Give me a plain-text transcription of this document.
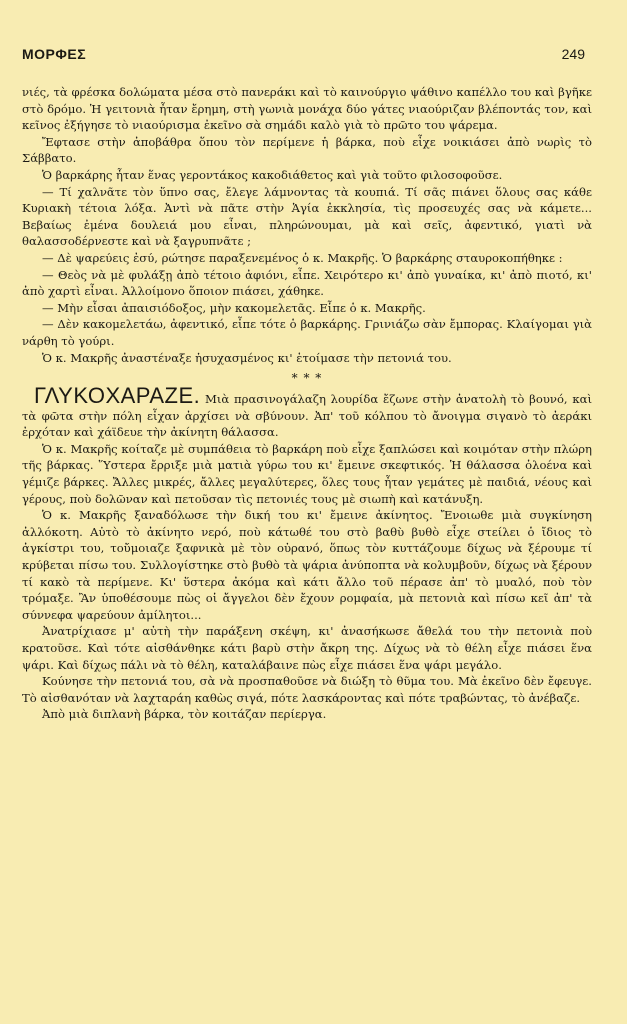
ΜΟΡΦΕΣ	249

νιές, τὰ φρέσκα δολώματα μέσα στὸ πανεράκι καὶ τὸ καινούργιο ψάθινο καπέλλο του καὶ βγῆκε στὸ δρόμο. Ἡ γειτονιὰ ἦταν ἔρημη, στὴ γωνιὰ μονάχα δύο γάτες νιαούριζαν βλέποντάς τον, καὶ κεῖνος ἐξήγησε τὸ νιαούρισμα ἐκεῖνο σὰ σημάδι καλὸ γιὰ τὸ πρῶτο του ψάρεμα.

Ἔφτασε στὴν ἀποβάθρα ὅπου τὸν περίμενε ἡ βάρκα, ποὺ εἶχε νοικιάσει ἀπὸ νωρὶς τὸ Σάββατο.

Ὁ βαρκάρης ἦταν ἕνας γεροντάκος κακοδιάθετος καὶ γιὰ τοῦτο φιλοσοφοῦσε.

— Τί χαλνᾶτε τὸν ὕπνο σας, ἔλεγε λάμνοντας τὰ κουπιά. Τί σᾶς πιάνει ὅλους σας κάθε Κυριακὴ τέτοια λόξα. Ἀντὶ νὰ πᾶτε στὴν Ἁγία ἐκκλησία, τὶς προσευχές σας νὰ κάμετε... Βεβαίως ἐμένα δουλειά μου εἶναι, πληρώνουμαι, μὰ καὶ σεῖς, ἀφεντικό, γιατὶ νὰ θαλασσοδέρνεστε καὶ νὰ ξαγρυπνᾶτε ;

— Δὲ ψαρεύεις ἐσύ, ρώτησε παραξενεμένος ὁ κ. Μακρῆς. Ὁ βαρκάρης σταυροκοπήθηκε :

— Θεὸς νὰ μὲ φυλάξῃ ἀπὸ τέτοιο ἀφιόνι, εἶπε. Χειρότερο κι' ἀπὸ γυναίκα, κι' ἀπὸ πιοτό, κι' ἀπὸ χαρτὶ εἶναι. Ἀλλοίμονο ὅποιον πιάσει, χάθηκε.

— Μὴν εἶσαι ἀπαισιόδοξος, μὴν κακομελετᾶς. Εἶπε ὁ κ. Μακρῆς.

— Δὲν κακομελετάω, ἀφεντικό, εἶπε τότε ὁ βαρκάρης. Γρινιάζω σὰν ἔμπορας. Κλαίγομαι γιὰ νάρθη τὸ γούρι.

Ὁ κ. Μακρῆς ἀναστέναξε ἡσυχασμένος κι' ἑτοίμασε τὴν πετονιά του.

* * *

ΓΛΥΚΟΧΑΡΑΖΕ. Μιὰ πρασινογάλαζη λουρίδα ἔζωνε στὴν ἀνατολὴ τὸ βουνό, καὶ τὰ φῶτα στὴν πόλη εἶχαν ἀρχίσει νὰ σβύνουν. Ἀπ' τοῦ κόλπου τὸ ἄνοιγμα σιγανὸ τὸ ἀεράκι ἐρχόταν καὶ χάϊδευε τὴν ἀκίνητη θάλασσα.

Ὁ κ. Μακρῆς κοίταζε μὲ συμπάθεια τὸ βαρκάρη ποὺ εἶχε ξαπλώσει καὶ κοιμόταν στὴν πλώρη τῆς βάρκας. Ὕστερα ἔρριξε μιὰ ματιὰ γύρω του κι' ἔμεινε σκεφτικός. Ἡ θάλασσα ὁλοένα καὶ γέμιζε βάρκες. Ἄλλες μικρές, ἄλλες μεγαλύτερες, ὅλες τους ἦταν γεμάτες μὲ παιδιά, νέους καὶ γέρους, ποὺ δολῶναν καὶ πετοῦσαν τὶς πετονιές τους μὲ σιωπὴ καὶ κατάνυξη.

Ὁ κ. Μακρῆς ξαναδόλωσε τὴν δική του κι' ἔμεινε ἀκίνητος. Ἔνοιωθε μιὰ συγκίνηση ἀλλόκοτη. Αὐτὸ τὸ ἀκίνητο νερό, ποὺ κάτωθέ του στὸ βαθὺ βυθὸ εἶχε στείλει ὁ ἴδιος τὸ ἀγκίστρι του, τοὔμοιαζε ξαφνικὰ μὲ τὸν οὐρανό, ὅπως τὸν κυττάζουμε δίχως νὰ ξέρουμε τί κρύβεται πίσω του. Συλλογίστηκε στὸ βυθὸ τὰ ψάρια ἀνύποπτα νὰ κολυμβοῦν, δίχως νὰ ξέρουν τί κακὸ τὰ περίμενε. Κι' ὕστερα ἀκόμα καὶ κάτι ἄλλο τοῦ πέρασε ἀπ' τὸ μυαλό, ποὺ τὸν τρόμαξε. Ἂν ὑποθέσουμε πὼς οἱ ἄγγελοι δὲν ἔχουν ρομφαία, μὰ πετονιὰ καὶ πίσω κεῖ ἀπ' τὰ σύννεφα ψαρεύουν ἀμίλητοι...

Ἀνατρίχιασε μ' αὐτὴ τὴν παράξενη σκέψη, κι' ἀνασήκωσε ἄθελά του τὴν πετονιὰ ποὺ κρατοῦσε. Καὶ τότε αἰσθάνθηκε κάτι βαρὺ στὴν ἄκρη της. Δίχως νὰ τὸ θέλη εἶχε πιάσει ἕνα ψάρι. Καὶ δίχως πάλι νὰ τὸ θέλη, καταλάβαινε πὼς εἶχε πιάσει ἕνα ψάρι μεγάλο.

Κούνησε τὴν πετονιά του, σὰ νὰ προσπαθοῦσε νὰ διώξη τὸ θῦμα του. Μὰ ἐκεῖνο δὲν ἔφευγε. Τὸ αἰσθανόταν νὰ λαχταράη καθὼς σιγά, πότε λασκάροντας καὶ πότε τραβώντας, τὸ ἀνέβαζε.

Ἀπὸ μιὰ διπλανὴ βάρκα, τὸν κοιτάζαν περίεργα.
